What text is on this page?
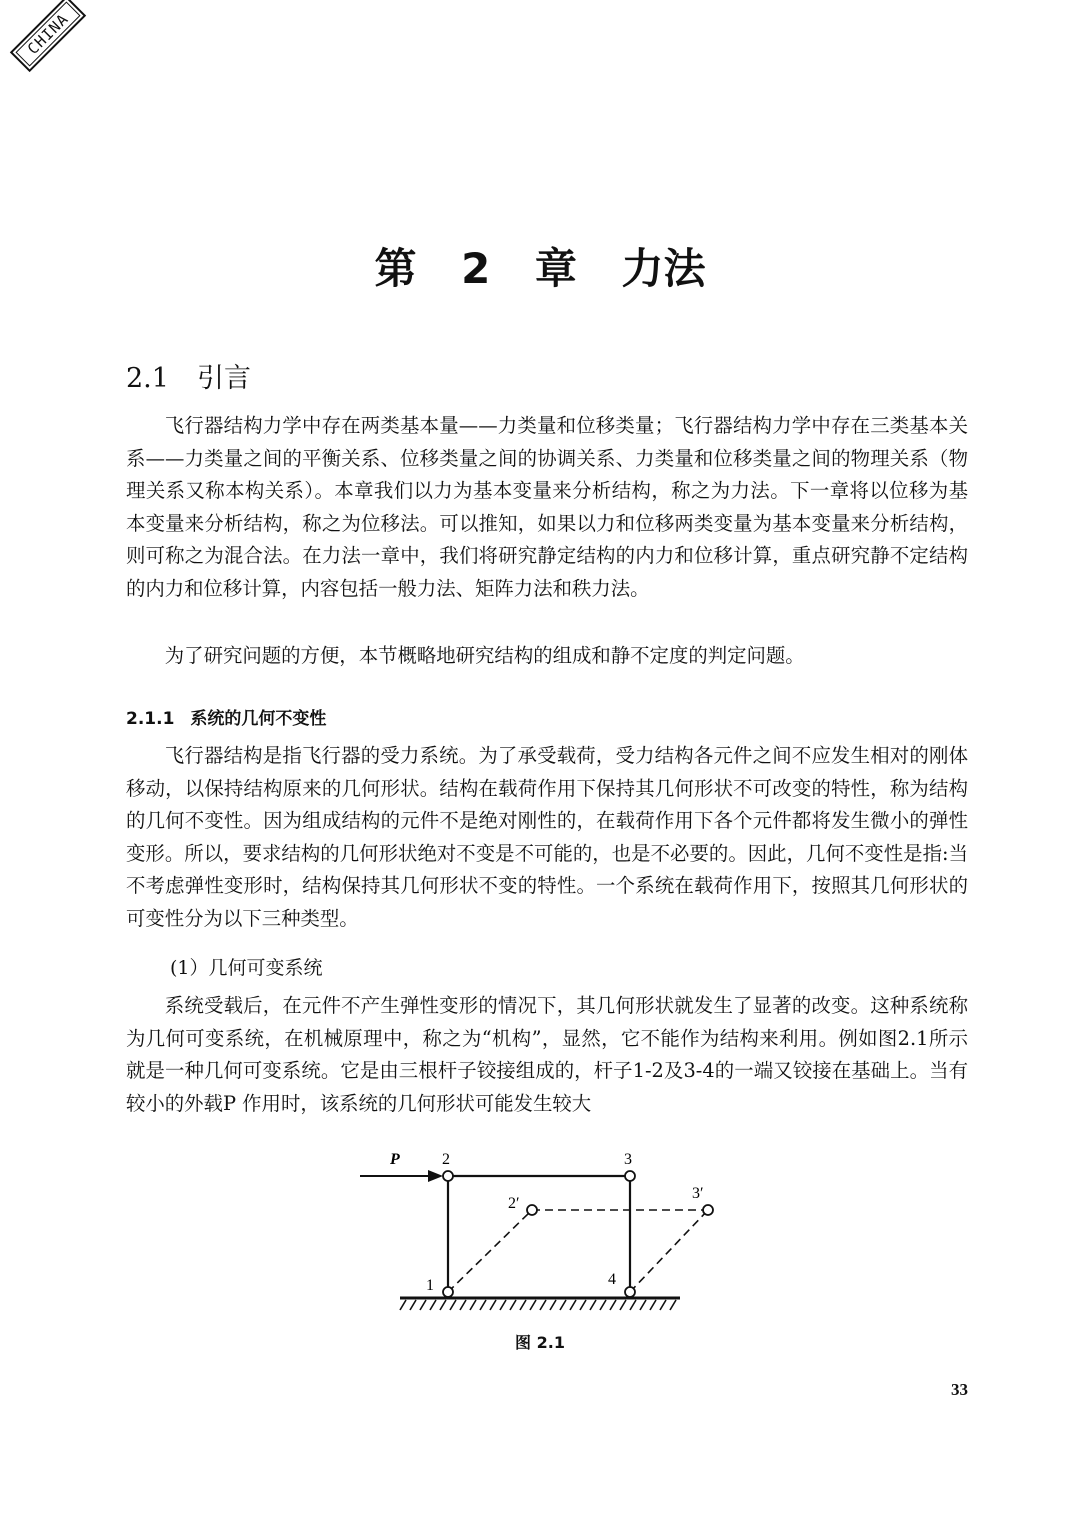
CHINA
第 2 章 力法
2.1 引言

飞行器结构力学中存在两类基本量——力类量和位移类量；飞行器结构力学中存在三类基本关系——力类量之间的平衡关系、位移类量之间的协调关系、力类量和位移类量之间的物理关系（物理关系又称本构关系）。本章我们以力为基本变量来分析结构，称之为力法。下一章将以位移为基本变量来分析结构，称之为位移法。可以推知，如果以力和位移两类变量为基本变量来分析结构，则可称之为混合法。在力法一章中，我们将研究静定结构的内力和位移计算，重点研究静不定结构的内力和位移计算，内容包括一般力法、矩阵力法和秩力法。

为了研究问题的方便，本节概略地研究结构的组成和静不定度的判定问题。

2.1.1 系统的几何不变性

飞行器结构是指飞行器的受力系统。为了承受载荷，受力结构各元件之间不应发生相对的刚体移动，以保持结构原来的几何形状。结构在载荷作用下保持其几何形状不可改变的特性，称为结构的几何不变性。因为组成结构的元件不是绝对刚性的，在载荷作用下各个元件都将发生微小的弹性变形。所以，要求结构的几何形状绝对不变是不可能的，也是不必要的。因此，几何不变性是指:当不考虑弹性变形时，结构保持其几何形状不变的特性。一个系统在载荷作用下，按照其几何形状的可变性分为以下三种类型。

(1）几何可变系统

系统受载后，在元件不产生弹性变形的情况下，其几何形状就发生了显著的改变。这种系统称为几何可变系统，在机械原理中，称之为“机构”，显然，它不能作为结构来利用。例如图2.1所示就是一种几何可变系统。它是由三根杆子铰接组成的，杆子1-2及3-4的一端又铰接在基础上。当有较小的外载P 作用时，该系统的几何形状可能发生较大

P	2	3
1	4
2′
3′
图 2.1
33
